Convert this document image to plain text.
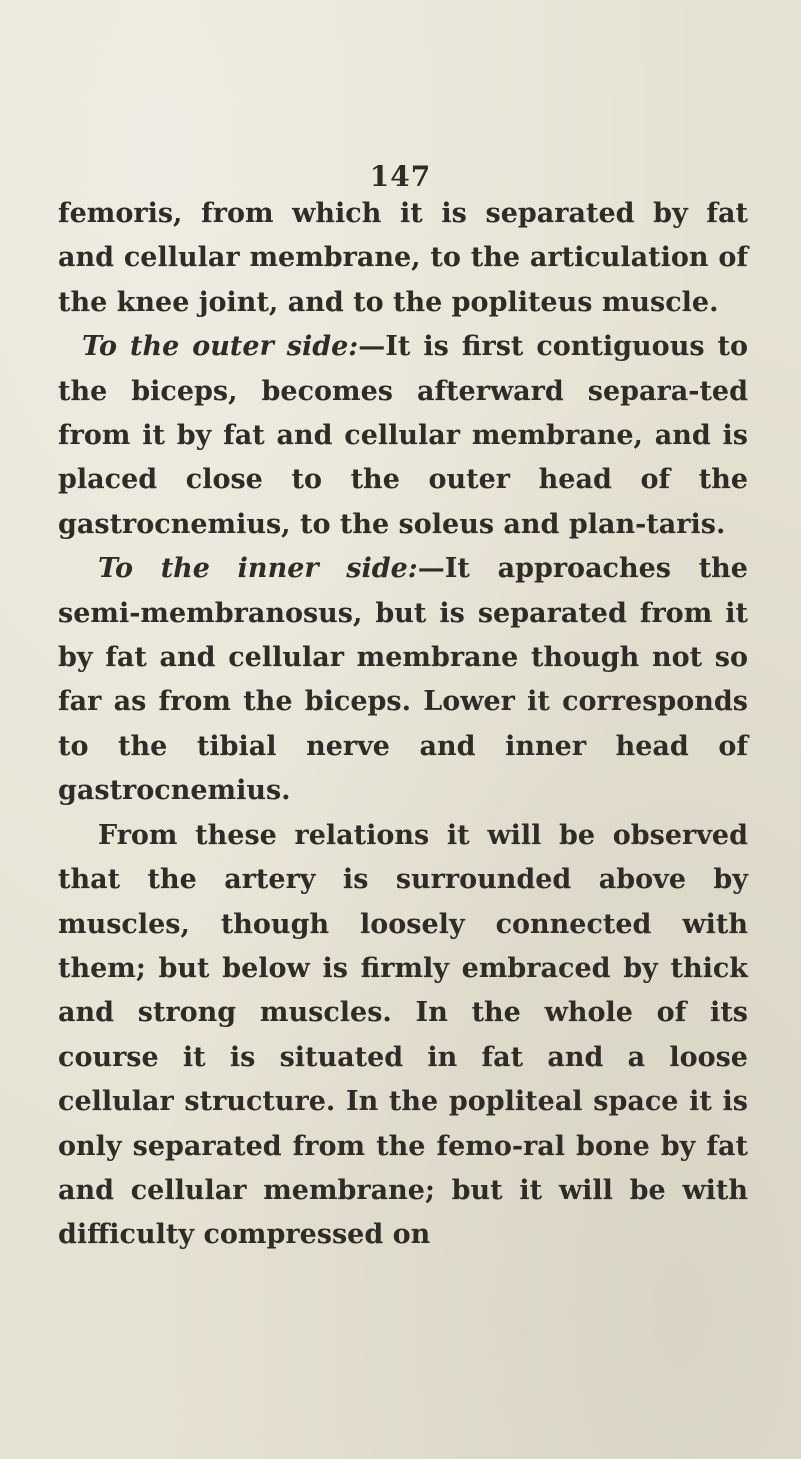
147

femoris, from which it is separated by fat and cellular membrane, to the articulation of the knee joint, and to the popliteus muscle.

To the outer side:—It is first contiguous to the biceps, becomes afterward separa-ted from it by fat and cellular membrane, and is placed close to the outer head of the gastrocnemius, to the soleus and plan-taris.

To the inner side:—It approaches the semi-membranosus, but is separated from it by fat and cellular membrane though not so far as from the biceps. Lower it corresponds to the tibial nerve and inner head of gastrocnemius.

From these relations it will be observed that the artery is surrounded above by muscles, though loosely connected with them; but below is firmly embraced by thick and strong muscles. In the whole of its course it is situated in fat and a loose cellular structure. In the popliteal space it is only separated from the femo-ral bone by fat and cellular membrane; but it will be with difficulty compressed on
